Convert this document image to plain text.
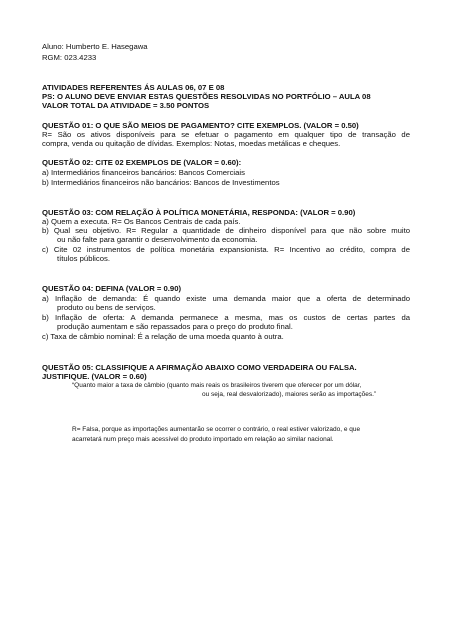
Aluno: Humberto E. Hasegawa
RGM: 023.4233
ATIVIDADES REFERENTES ÁS AULAS 06, 07 E 08
PS: O ALUNO DEVE ENVIAR ESTAS QUESTÕES RESOLVIDAS NO PORTFÓLIO – AULA 08
VALOR TOTAL DA ATIVIDADE = 3.50 PONTOS
QUESTÃO 01: O QUE SÃO MEIOS DE PAGAMENTO? CITE EXEMPLOS. (VALOR = 0.50)
R= São os ativos disponíveis para se efetuar o pagamento em qualquer tipo de transação de
compra, venda ou quitação de dívidas. Exemplos: Notas, moedas metálicas e cheques.
QUESTÃO 02: CITE 02 EXEMPLOS DE (VALOR = 0.60):
a) Intermediários financeiros bancários: Bancos Comerciais
b) Intermediários financeiros não bancários: Bancos de Investimentos
QUESTÃO 03: COM RELAÇÃO À POLÍTICA MONETÁRIA, RESPONDA: (VALOR = 0.90)
a) Quem a executa. R= Os Bancos Centrais de cada país.
b) Qual seu objetivo. R= Regular a quantidade de dinheiro disponível para que não sobre muito
ou não falte para garantir o desenvolvimento da economia.
c) Cite 02 instrumentos de política monetária expansionista. R= Incentivo ao crédito, compra de
títulos públicos.
QUESTÃO 04: DEFINA (VALOR = 0.90)
a) Inflação de demanda: É quando existe uma demanda maior que a oferta de determinado
produto ou bens de serviços.
b) Inflação de oferta: A demanda permanece a mesma, mas os custos de certas partes da
produção aumentam e são repassados para o preço do produto final.
c) Taxa de câmbio nominal: É a relação de uma moeda quanto à outra.
QUESTÃO 05: CLASSIFIQUE A AFIRMAÇÃO ABAIXO COMO VERDADEIRA OU FALSA.
JUSTIFIQUE. (VALOR = 0.60)
“Quanto maior a taxa de câmbio (quanto mais reais os brasileiros tiverem que oferecer por um dólar,
ou seja, real desvalorizado), maiores serão as importações.”
R= Falsa, porque as importações aumentarão se ocorrer o contrário, o real estiver valorizado, e que
acarretará num preço mais acessível do produto importado em relação ao similar nacional.
